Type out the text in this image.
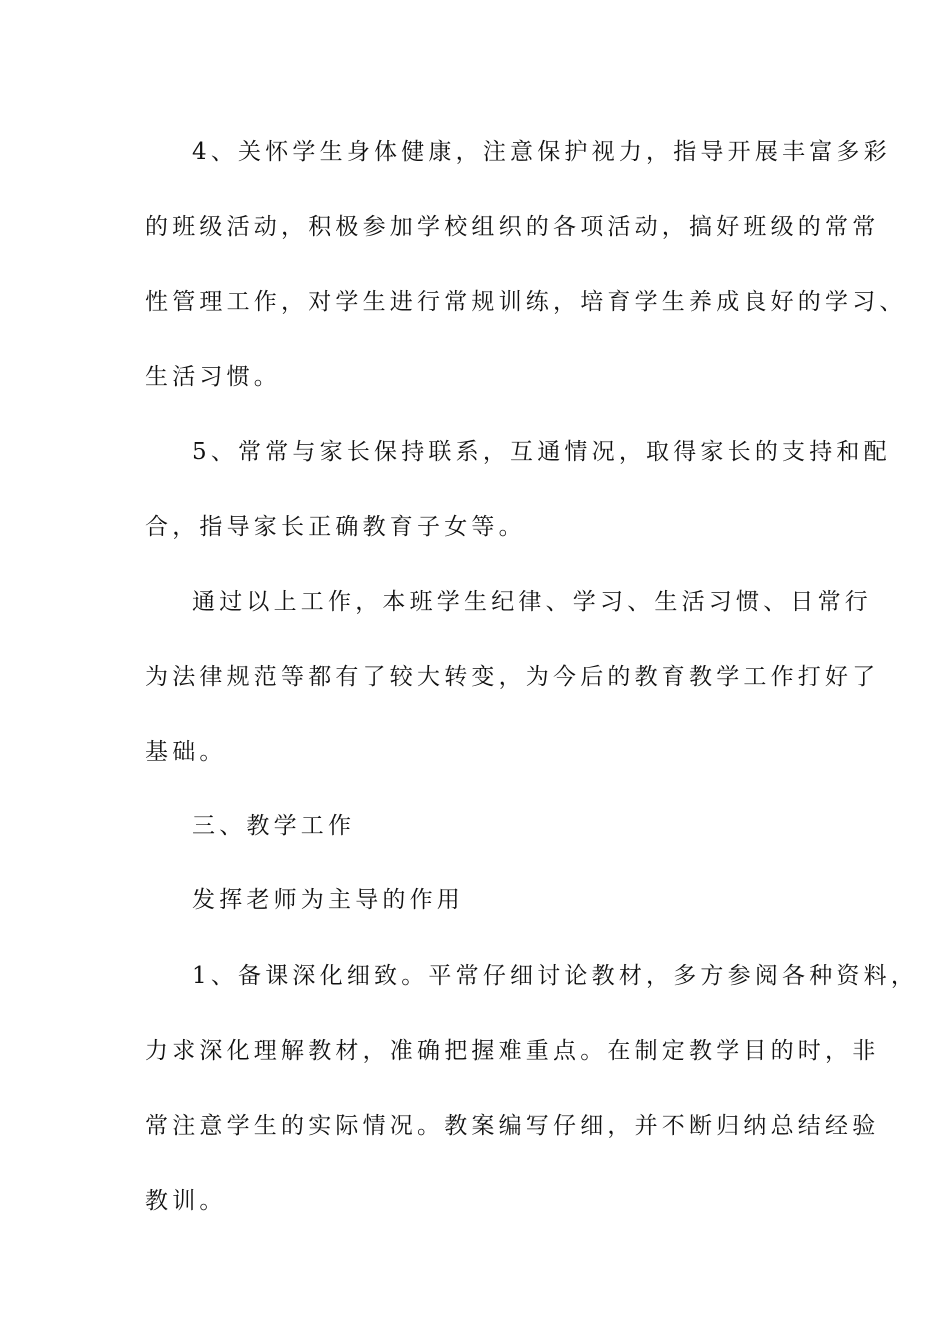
4、关怀学生身体健康，注意保护视力，指导开展丰富多彩
的班级活动，积极参加学校组织的各项活动，搞好班级的常常
性管理工作，对学生进行常规训练，培育学生养成良好的学习、
生活习惯。
5、常常与家长保持联系，互通情况，取得家长的支持和配
合，指导家长正确教育子女等。
通过以上工作，本班学生纪律、学习、生活习惯、日常行
为法律规范等都有了较大转变，为今后的教育教学工作打好了
基础。
三、教学工作
发挥老师为主导的作用
1、备课深化细致。平常仔细讨论教材，多方参阅各种资料，
力求深化理解教材，准确把握难重点。在制定教学目的时，非
常注意学生的实际情况。教案编写仔细，并不断归纳总结经验
教训。
